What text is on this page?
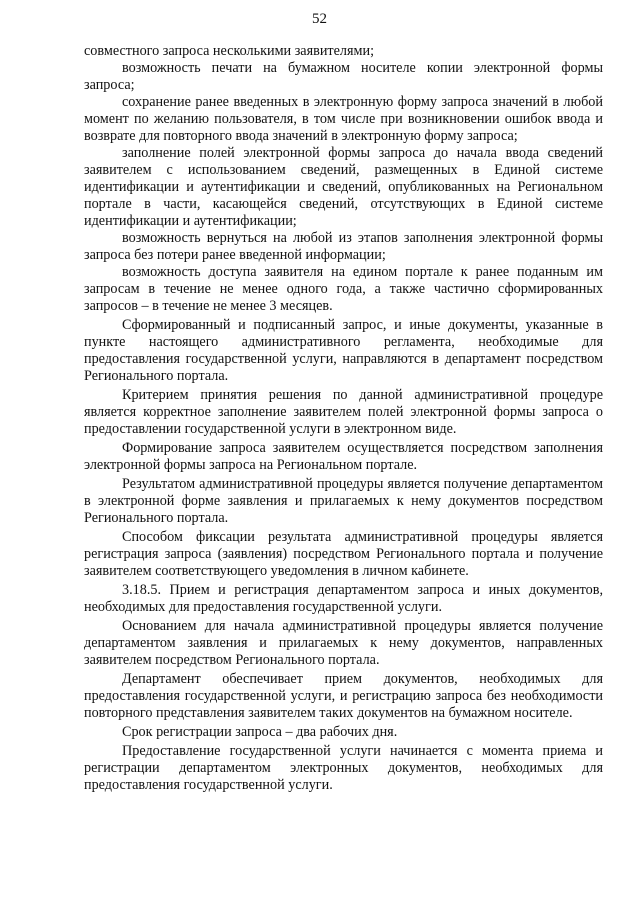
52

совместного запроса несколькими заявителями;

возможность печати на бумажном носителе копии электронной формы запроса;

сохранение ранее введенных в электронную форму запроса значений в любой момент по желанию пользователя, в том числе при возникновении ошибок ввода и возврате для повторного ввода значений в электронную форму запроса;

заполнение полей электронной формы запроса до начала ввода сведений заявителем с использованием сведений, размещенных в Единой системе идентификации и аутентификации и сведений, опубликованных на Региональном портале в части, касающейся сведений, отсутствующих в Единой системе идентификации и аутентификации;

возможность вернуться на любой из этапов заполнения электронной формы запроса без потери ранее введенной информации;

возможность доступа заявителя на едином портале к ранее поданным им запросам в течение не менее одного года, а также частично сформированных запросов – в течение не менее 3 месяцев.

Сформированный и подписанный запрос, и иные документы, указанные в пункте настоящего административного регламента, необходимые для предоставления государственной услуги, направляются в департамент посредством Регионального портала.

Критерием принятия решения по данной административной процедуре является корректное заполнение заявителем полей электронной формы запроса о предоставлении государственной услуги в электронном виде.

Формирование запроса заявителем осуществляется посредством заполнения электронной формы запроса на Региональном портале.

Результатом административной процедуры является получение департаментом в электронной форме заявления и прилагаемых к нему документов посредством Регионального портала.

Способом фиксации результата административной процедуры является регистрация запроса (заявления) посредством Регионального портала и получение заявителем соответствующего уведомления в личном кабинете.

3.18.5. Прием и регистрация департаментом запроса и иных документов, необходимых для предоставления государственной услуги.

Основанием для начала административной процедуры является получение департаментом заявления и прилагаемых к нему документов, направленных заявителем посредством Регионального портала.

Департамент обеспечивает прием документов, необходимых для предоставления государственной услуги, и регистрацию запроса без необходимости повторного представления заявителем таких документов на бумажном носителе.

Срок регистрации запроса – два рабочих дня.

Предоставление государственной услуги начинается с момента приема и регистрации департаментом электронных документов, необходимых для предоставления государственной услуги.
